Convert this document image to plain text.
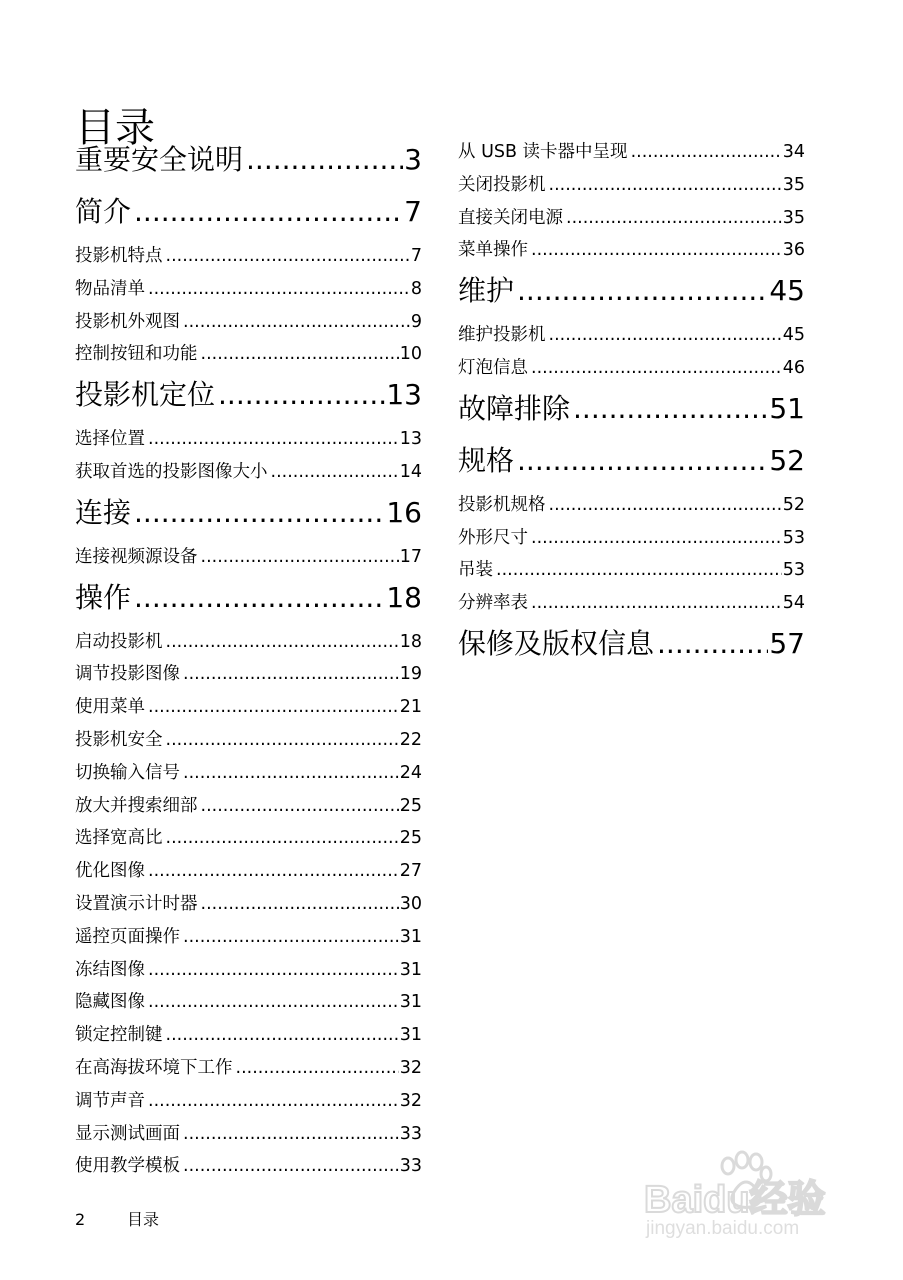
目录
重要安全说明 .....	3
简介 .....	7
投影机特点 .....	7
物品清单 .....	8
投影机外观图 .....	9
控制按钮和功能 .....	10
投影机定位 .....	13
选择位置 .....	13
获取首选的投影图像大小 .....	14
连接 .....	16
连接视频源设备 .....	17
操作 .....	18
启动投影机 .....	18
调节投影图像 .....	19
使用菜单 .....	21
投影机安全 .....	22
切换输入信号 .....	24
放大并搜索细部 .....	25
选择宽高比 .....	25
优化图像 .....	27
设置演示计时器 .....	30
遥控页面操作 .....	31
冻结图像 .....	31
隐藏图像 .....	31
锁定控制键 .....	31
在高海拔环境下工作 .....	32
调节声音 .....	32
显示测试画面 .....	33
使用教学模板 .....	33
从 USB 读卡器中呈现 .....	34
关闭投影机 .....	35
直接关闭电源 .....	35
菜单操作 .....	36
维护 .....	45
维护投影机 .....	45
灯泡信息 .....	46
故障排除 .....	51
规格 .....	52
投影机规格 .....	52
外形尺寸 .....	53
吊装 .....	53
分辨率表 .....	54
保修及版权信息 .....	57
2	目录	Baidu经验
jingyan.baidu.com
